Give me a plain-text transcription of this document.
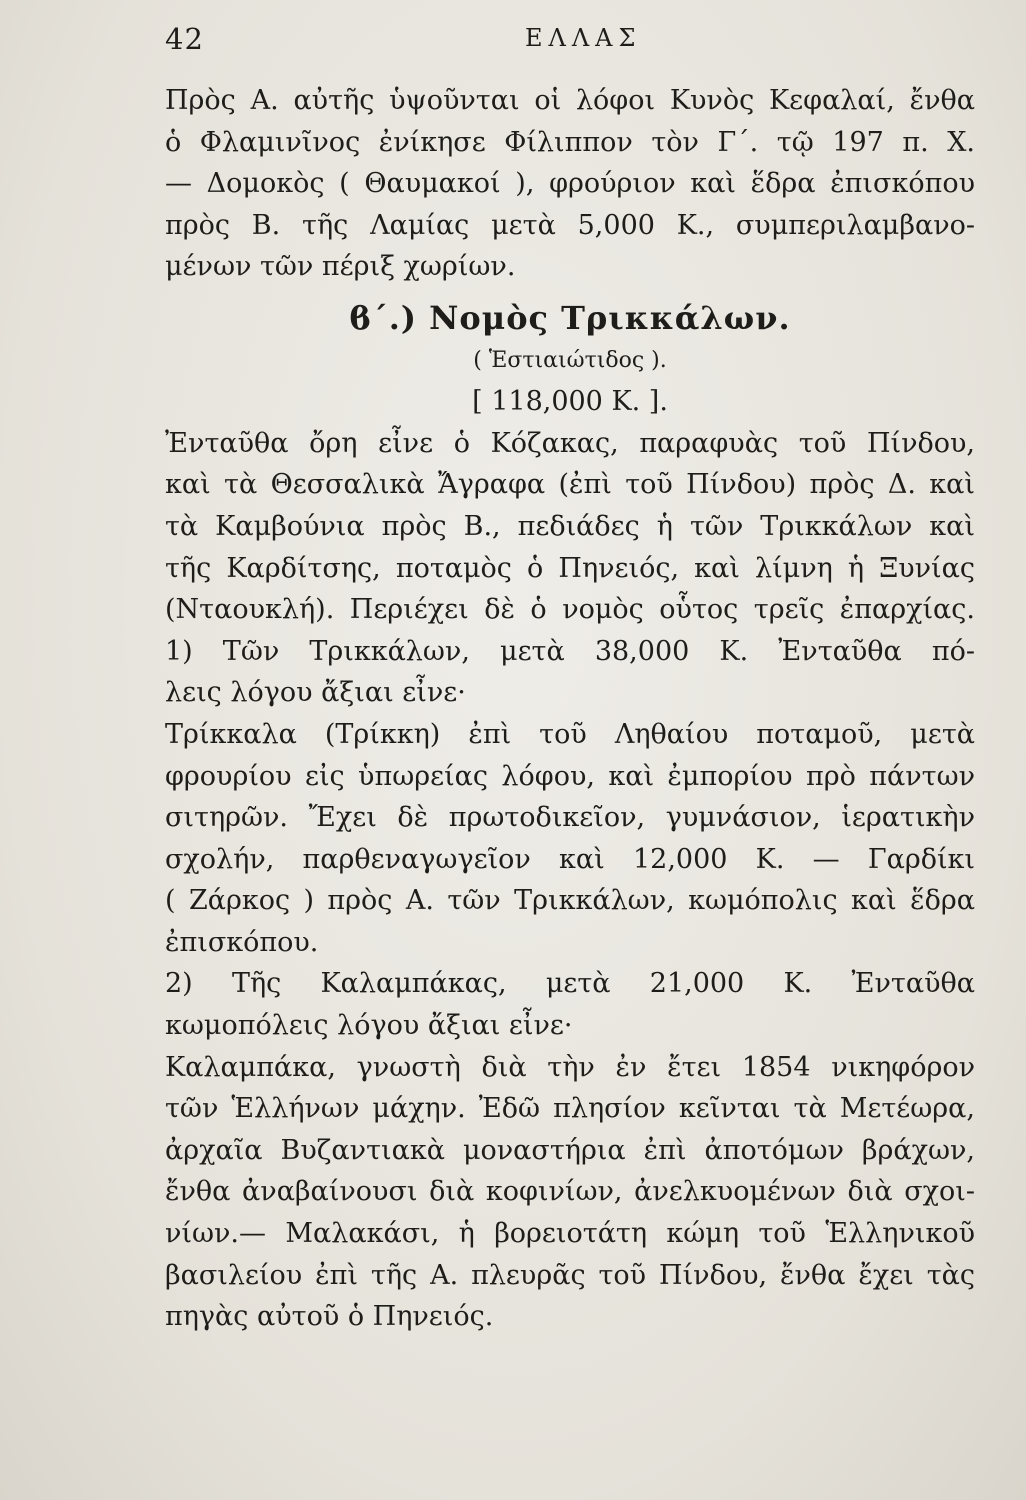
42	ΕΛΛΑΣ
Πρὸς Α. αὐτῆς ὑψοῦνται οἱ λόφοι Κυνὸς Κεφαλαί, ἔνθα
ὁ Φλαμινῖνος ἐνίκησε Φίλιππον τὸν Γ΄. τῷ 197 π. Χ.
— Δομοκὸς ( Θαυμακοί ), φρούριον καὶ ἕδρα ἐπισκόπου
πρὸς Β. τῆς Λαμίας μετὰ 5,000 Κ., συμπεριλαμβανο-
μένων τῶν πέριξ χωρίων.
ϐ΄.) Νομὸς Τρικκάλων.
( Ἑστιαιώτιδος ).
[ 118,000 Κ. ].
Ἐνταῦθα ὄρη εἶνε ὁ Κόζακας, παραφυὰς τοῦ Πίνδου,
καὶ τὰ Θεσσαλικὰ Ἄγραφα (ἐπὶ τοῦ Πίνδου) πρὸς Δ. καὶ
τὰ Καμβούνια πρὸς Β., πεδιάδες ἡ τῶν Τρικκάλων καὶ
τῆς Καρδίτσης, ποταμὸς ὁ Πηνειός, καὶ λίμνη ἡ Ξυνίας
(Νταουκλή). Περιέχει δὲ ὁ νομὸς οὗτος τρεῖς ἐπαρχίας.
1) Τῶν Τρικκάλων, μετὰ 38,000 Κ. Ἐνταῦθα πό-
λεις λόγου ἄξιαι εἶνε·
Τρίκκαλα (Τρίκκη) ἐπὶ τοῦ Ληθαίου ποταμοῦ, μετὰ
φρουρίου εἰς ὑπωρείας λόφου, καὶ ἐμπορίου πρὸ πάντων
σιτηρῶν. Ἔχει δὲ πρωτοδικεῖον, γυμνάσιον, ἱερατικὴν
σχολήν, παρθεναγωγεῖον καὶ 12,000 Κ. — Γαρδίκι
( Ζάρκος ) πρὸς Α. τῶν Τρικκάλων, κωμόπολις καὶ ἕδρα
ἐπισκόπου.
2) Τῆς Καλαμπάκας, μετὰ 21,000 Κ. Ἐνταῦθα
κωμοπόλεις λόγου ἄξιαι εἶνε·
Καλαμπάκα, γνωστὴ διὰ τὴν ἐν ἔτει 1854 νικηφόρον
τῶν Ἑλλήνων μάχην. Ἐδῶ πλησίον κεῖνται τὰ Μετέωρα,
ἀρχαῖα Βυζαντιακὰ μοναστήρια ἐπὶ ἀποτόμων βράχων,
ἔνθα ἀναβαίνουσι διὰ κοφινίων, ἀνελκυομένων διὰ σχοι-
νίων.— Μαλακάσι, ἡ βορειοτάτη κώμη τοῦ Ἑλληνικοῦ
βασιλείου ἐπὶ τῆς Α. πλευρᾶς τοῦ Πίνδου, ἔνθα ἔχει τὰς
πηγὰς αὐτοῦ ὁ Πηνειός.
